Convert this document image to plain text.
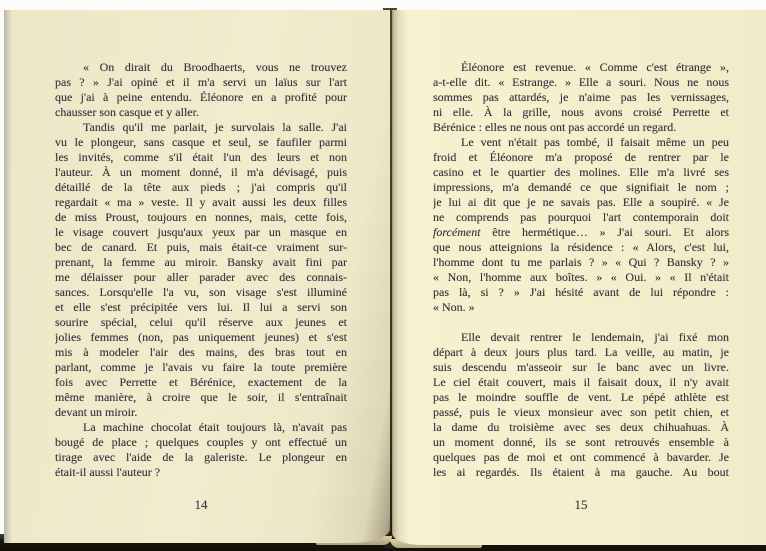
« On dirait du Broodhaerts, vous ne trouvez
pas ? » J'ai opiné et il m'a servi un laïus sur l'art
que j'ai à peine entendu. Éléonore en a profité pour
chausser son casque et y aller.
Tandis qu'il me parlait, je survolais la salle. J'ai
vu le plongeur, sans casque et seul, se faufiler parmi
les invités, comme s'il était l'un des leurs et non
l'auteur. À un moment donné, il m'a dévisagé, puis
détaillé de la tête aux pieds ; j'ai compris qu'il
regardait « ma » veste. Il y avait aussi les deux filles
de miss Proust, toujours en nonnes, mais, cette fois,
le visage couvert jusqu'aux yeux par un masque en
bec de canard. Et puis, mais était-ce vraiment sur-
prenant, la femme au miroir. Bansky avait fini par
me délaisser pour aller parader avec des connais-
sances. Lorsqu'elle l'a vu, son visage s'est illuminé
et elle s'est précipitée vers lui. Il lui a servi son
sourire spécial, celui qu'il réserve aux jeunes et
jolies femmes (non, pas uniquement jeunes) et s'est
mis à modeler l'air des mains, des bras tout en
parlant, comme je l'avais vu faire la toute première
fois avec Perrette et Bérénice, exactement de la
même manière, à croire que le soir, il s'entraînait
devant un miroir.
La machine chocolat était toujours là, n'avait pas
bougé de place ; quelques couples y ont effectué un
tirage avec l'aide de la galeriste. Le plongeur en
était-il aussi l'auteur ?
14
Éléonore est revenue. « Comme c'est étrange »,
a-t-elle dit. « Estrange. » Elle a souri. Nous ne nous
sommes pas attardés, je n'aime pas les vernissages,
ni elle. À la grille, nous avons croisé Perrette et
Bérénice : elles ne nous ont pas accordé un regard.
Le vent n'était pas tombé, il faisait même un peu
froid et Éléonore m'a proposé de rentrer par le
casino et le quartier des molines. Elle m'a livré ses
impressions, m'a demandé ce que signifiait le nom ;
je lui ai dit que je ne savais pas. Elle a soupiré. « Je
ne comprends pas pourquoi l'art contemporain doit
forcément être hermétique… » J'ai souri. Et alors
que nous atteignions la résidence : « Alors, c'est lui,
l'homme dont tu me parlais ? » « Qui ? Bansky ? »
« Non, l'homme aux boîtes. » « Oui. » « Il n'était
pas là, si ? » J'ai hésité avant de lui répondre :
« Non. »
Elle devait rentrer le lendemain, j'ai fixé mon
départ à deux jours plus tard. La veille, au matin, je
suis descendu m'asseoir sur le banc avec un livre.
Le ciel était couvert, mais il faisait doux, il n'y avait
pas le moindre souffle de vent. Le pépé athlète est
passé, puis le vieux monsieur avec son petit chien, et
la dame du troisième avec ses deux chihuahuas. À
un moment donné, ils se sont retrouvés ensemble à
quelques pas de moi et ont commencé à bavarder. Je
les ai regardés. Ils étaient à ma gauche. Au bout
15
